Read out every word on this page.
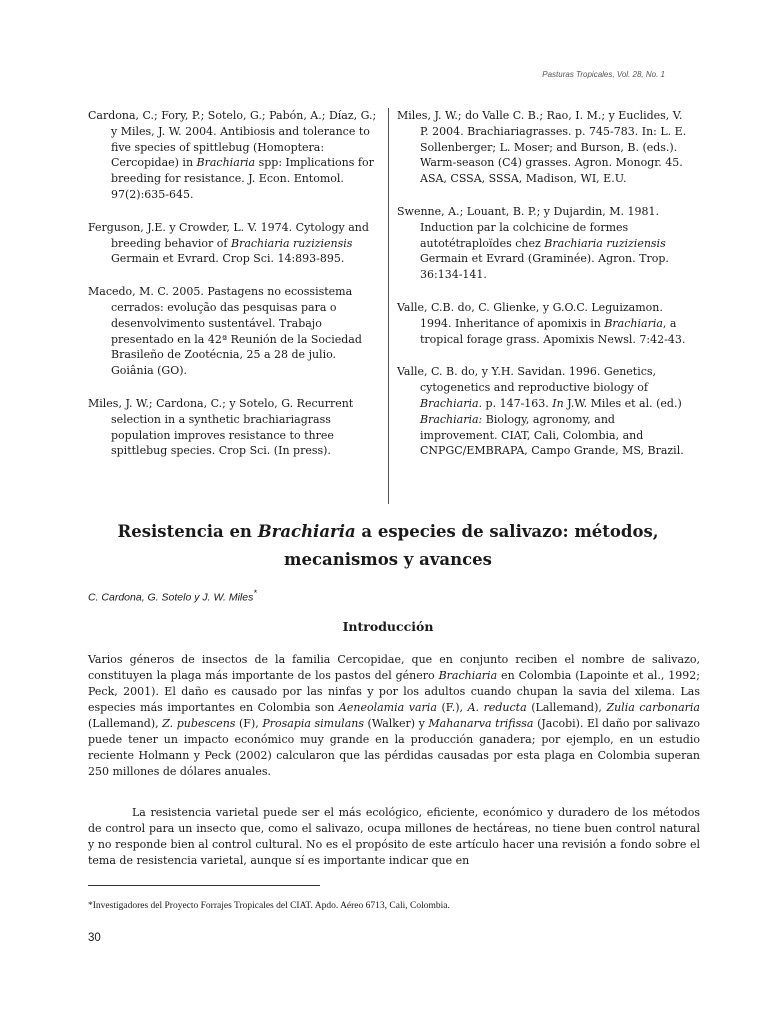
Pasturas Tropicales, Vol. 28, No. 1

Cardona, C.; Fory, P.; Sotelo, G.; Pabón, A.; Díaz, G.; y Miles, J. W. 2004. Antibiosis and tolerance to five species of spittlebug (Homoptera: Cercopidae) in Brachiaria spp: Implications for breeding for resistance. J. Econ. Entomol. 97(2):635-645.

Ferguson, J.E. y Crowder, L. V. 1974. Cytology and breeding behavior of Brachiaria ruziziensis Germain et Evrard. Crop Sci. 14:893-895.

Macedo, M. C. 2005. Pastagens no ecossistema cerrados: evolução das pesquisas para o desenvolvimento sustentável. Trabajo presentado en la 42ª Reunión de la Sociedad Brasileño de Zootécnia, 25 a 28 de julio. Goiânia (GO).

Miles, J. W.; Cardona, C.; y Sotelo, G. Recurrent selection in a synthetic brachiariagrass population improves resistance to three spittlebug species. Crop Sci. (In press).

Miles, J. W.; do Valle C. B.; Rao, I. M.; y Euclides, V. P. 2004. Brachiariagrasses. p. 745-783. In: L. E. Sollenberger; L. Moser; and Burson, B. (eds.). Warm-season (C4) grasses. Agron. Monogr. 45. ASA, CSSA, SSSA, Madison, WI, E.U.

Swenne, A.; Louant, B. P.; y Dujardin, M. 1981. Induction par la colchicine de formes autotétraploïdes chez Brachiaria ruziziensis Germain et Evrard (Graminée). Agron. Trop. 36:134-141.

Valle, C.B. do, C. Glienke, y G.O.C. Leguizamon. 1994. Inheritance of apomixis in Brachiaria, a tropical forage grass. Apomixis Newsl. 7:42-43.

Valle, C. B. do, y Y.H. Savidan. 1996. Genetics, cytogenetics and reproductive biology of Brachiaria. p. 147-163. In J.W. Miles et al. (ed.) Brachiaria: Biology, agronomy, and improvement. CIAT, Cali, Colombia, and CNPGC/EMBRAPA, Campo Grande, MS, Brazil.

Resistencia en Brachiaria a especies de salivazo: métodos, mecanismos y avances
C. Cardona, G. Sotelo y J. W. Miles*
Introducción

Varios géneros de insectos de la familia Cercopidae, que en conjunto reciben el nombre de salivazo, constituyen la plaga más importante de los pastos del género Brachiaria en Colombia (Lapointe et al., 1992; Peck, 2001). El daño es causado por las ninfas y por los adultos cuando chupan la savia del xilema. Las especies más importantes en Colombia son Aeneolamia varia (F.), A. reducta (Lallemand), Zulia carbonaria (Lallemand), Z. pubescens (F), Prosapia simulans (Walker) y Mahanarva trifissa (Jacobi). El daño por salivazo puede tener un impacto económico muy grande en la producción ganadera; por ejemplo, en un estudio reciente Holmann y Peck (2002) calcularon que las pérdidas causadas por esta plaga en Colombia superan 250 millones de dólares anuales.

La resistencia varietal puede ser el más ecológico, eficiente, económico y duradero de los métodos de control para un insecto que, como el salivazo, ocupa millones de hectáreas, no tiene buen control natural y no responde bien al control cultural. No es el propósito de este artículo hacer una revisión a fondo sobre el tema de resistencia varietal, aunque sí es importante indicar que en

*Investigadores del Proyecto Forrajes Tropicales del CIAT. Apdo. Aéreo 6713, Cali, Colombia.
30
